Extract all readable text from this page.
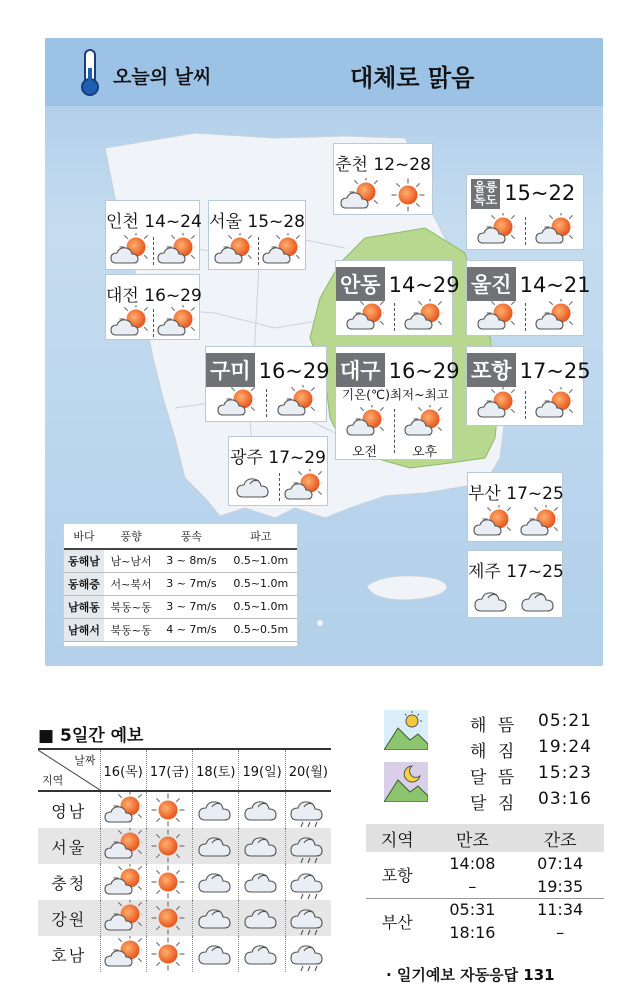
오늘의 날씨	대체로 맑음
춘천 12~28
인천 14~24 서울 15~28
대전 16~29
울릉
독도 15~22
안동 14~29 울진 14~21
구미 16~29 대구 16~29
기온(℃)최저~최고
오전	오후
포항 17~25
광주 17~29
부산 17~25
제주 17~25
바다	풍향	풍속	파고
동해남	남~남서	3 ~ 8m/s	0.5~1.0m
동해중	서~북서	3 ~ 7m/s	0.5~1.0m
남해동	북동~동	3 ~ 7m/s	0.5~1.0m
남해서	북동~동	4 ~ 7m/s	0.5~0.5m
■ 5일간 예보
날짜
지역	16(목)	17(금)	18(토)	19(일)	20(월)
영남	

서울	

충청	

강원	

호남	

해 뜸 05:21
해 짐 19:24
달 뜸 15:23
달 짐 03:16
지역	만조	간조
포항	14:08	07:14
	–	19:35
부산	05:31	11:34
	18:16	–
· 일기예보 자동응답 131
